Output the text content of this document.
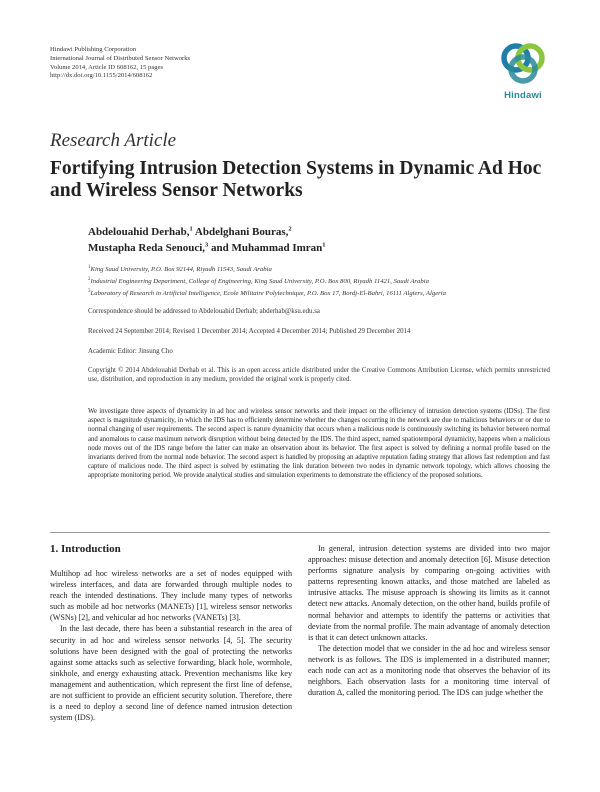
Hindawi Publishing Corporation
International Journal of Distributed Sensor Networks
Volume 2014, Article ID 608162, 15 pages
http://dx.doi.org/10.1155/2014/608162
Hindawi
Research Article
Fortifying Intrusion Detection Systems in Dynamic Ad Hoc and Wireless Sensor Networks
Abdelouahid Derhab,$^1$ Abdelghani Bouras,$^2$
Mustapha Reda Senouci,$^3$ and Muhammad Imran$^1$
$^1$King Saud University, P.O. Box 92144, Riyadh 11543, Saudi Arabia
$^2$Industrial Engineering Department, College of Engineering, King Saud University, P.O. Box 800, Riyadh 11421, Saudi Arabia
$^3$Laboratory of Research in Artificial Intelligence, Ecole Militaire Polytechnique, P.O. Box 17, Bordj-El-Bahri, 16111 Algiers, Algeria
Correspondence should be addressed to Abdelouahid Derhab; abderhab@ksu.edu.sa
Received 24 September 2014; Revised 1 December 2014; Accepted 4 December 2014; Published 29 December 2014
Academic Editor: Jinsung Cho
Copyright © 2014 Abdelouahid Derhab et al. This is an open access article distributed under the Creative Commons Attribution License, which permits unrestricted use, distribution, and reproduction in any medium, provided the original work is properly cited.
We investigate three aspects of dynamicity in ad hoc and wireless sensor networks and their impact on the efficiency of intrusion detection systems (IDSs). The first aspect is magnitude dynamicity, in which the IDS has to efficiently determine whether the changes occurring in the network are due to malicious behaviors or or due to normal changing of user requirements. The second aspect is nature dynamicity that occurs when a malicious node is continuously switching its behavior between normal and anomalous to cause maximum network disruption without being detected by the IDS. The third aspect, named spatiotemporal dynamicity, happens when a malicious node moves out of the IDS range before the latter can make an observation about its behavior. The first aspect is solved by defining a normal profile based on the invariants derived from the normal node behavior. The second aspect is handled by proposing an adaptive reputation fading strategy that allows fast redemption and fast capture of malicious node. The third aspect is solved by estimating the link duration between two nodes in dynamic network topology, which allows choosing the appropriate monitoring period. We provide analytical studies and simulation experiments to demonstrate the efficiency of the proposed solutions.
1. Introduction

Multihop ad hoc wireless networks are a set of nodes equipped with wireless interfaces, and data are forwarded through multiple nodes to reach the intended destinations. They include many types of networks such as mobile ad hoc networks (MANETs) [1], wireless sensor networks (WSNs) [2], and vehicular ad hoc networks (VANETs) [3].

In the last decade, there has been a substantial research in the area of security in ad hoc and wireless sensor networks [4, 5]. The security solutions have been designed with the goal of protecting the networks against some attacks such as selective forwarding, black hole, wormhole, sinkhole, and energy exhausting attack. Prevention mechanisms like key management and authentication, which represent the first line of defense, are not sufficient to provide an efficient security solution. Therefore, there is a need to deploy a second line of defence named intrusion detection system (IDS).

In general, intrusion detection systems are divided into two major approaches: misuse detection and anomaly detection [6]. Misuse detection performs signature analysis by comparing on-going activities with patterns representing known attacks, and those matched are labeled as intrusive attacks. The misuse approach is showing its limits as it cannot detect new attacks. Anomaly detection, on the other hand, builds profile of normal behavior and attempts to identify the patterns or activities that deviate from the normal profile. The main advantage of anomaly detection is that it can detect unknown attacks.

The detection model that we consider in the ad hoc and wireless sensor network is as follows. The IDS is implemented in a distributed manner; each node can act as a monitoring node that observes the behavior of its neighbors. Each observation lasts for a monitoring time interval of duration Δ, called the monitoring period. The IDS can judge whether the
